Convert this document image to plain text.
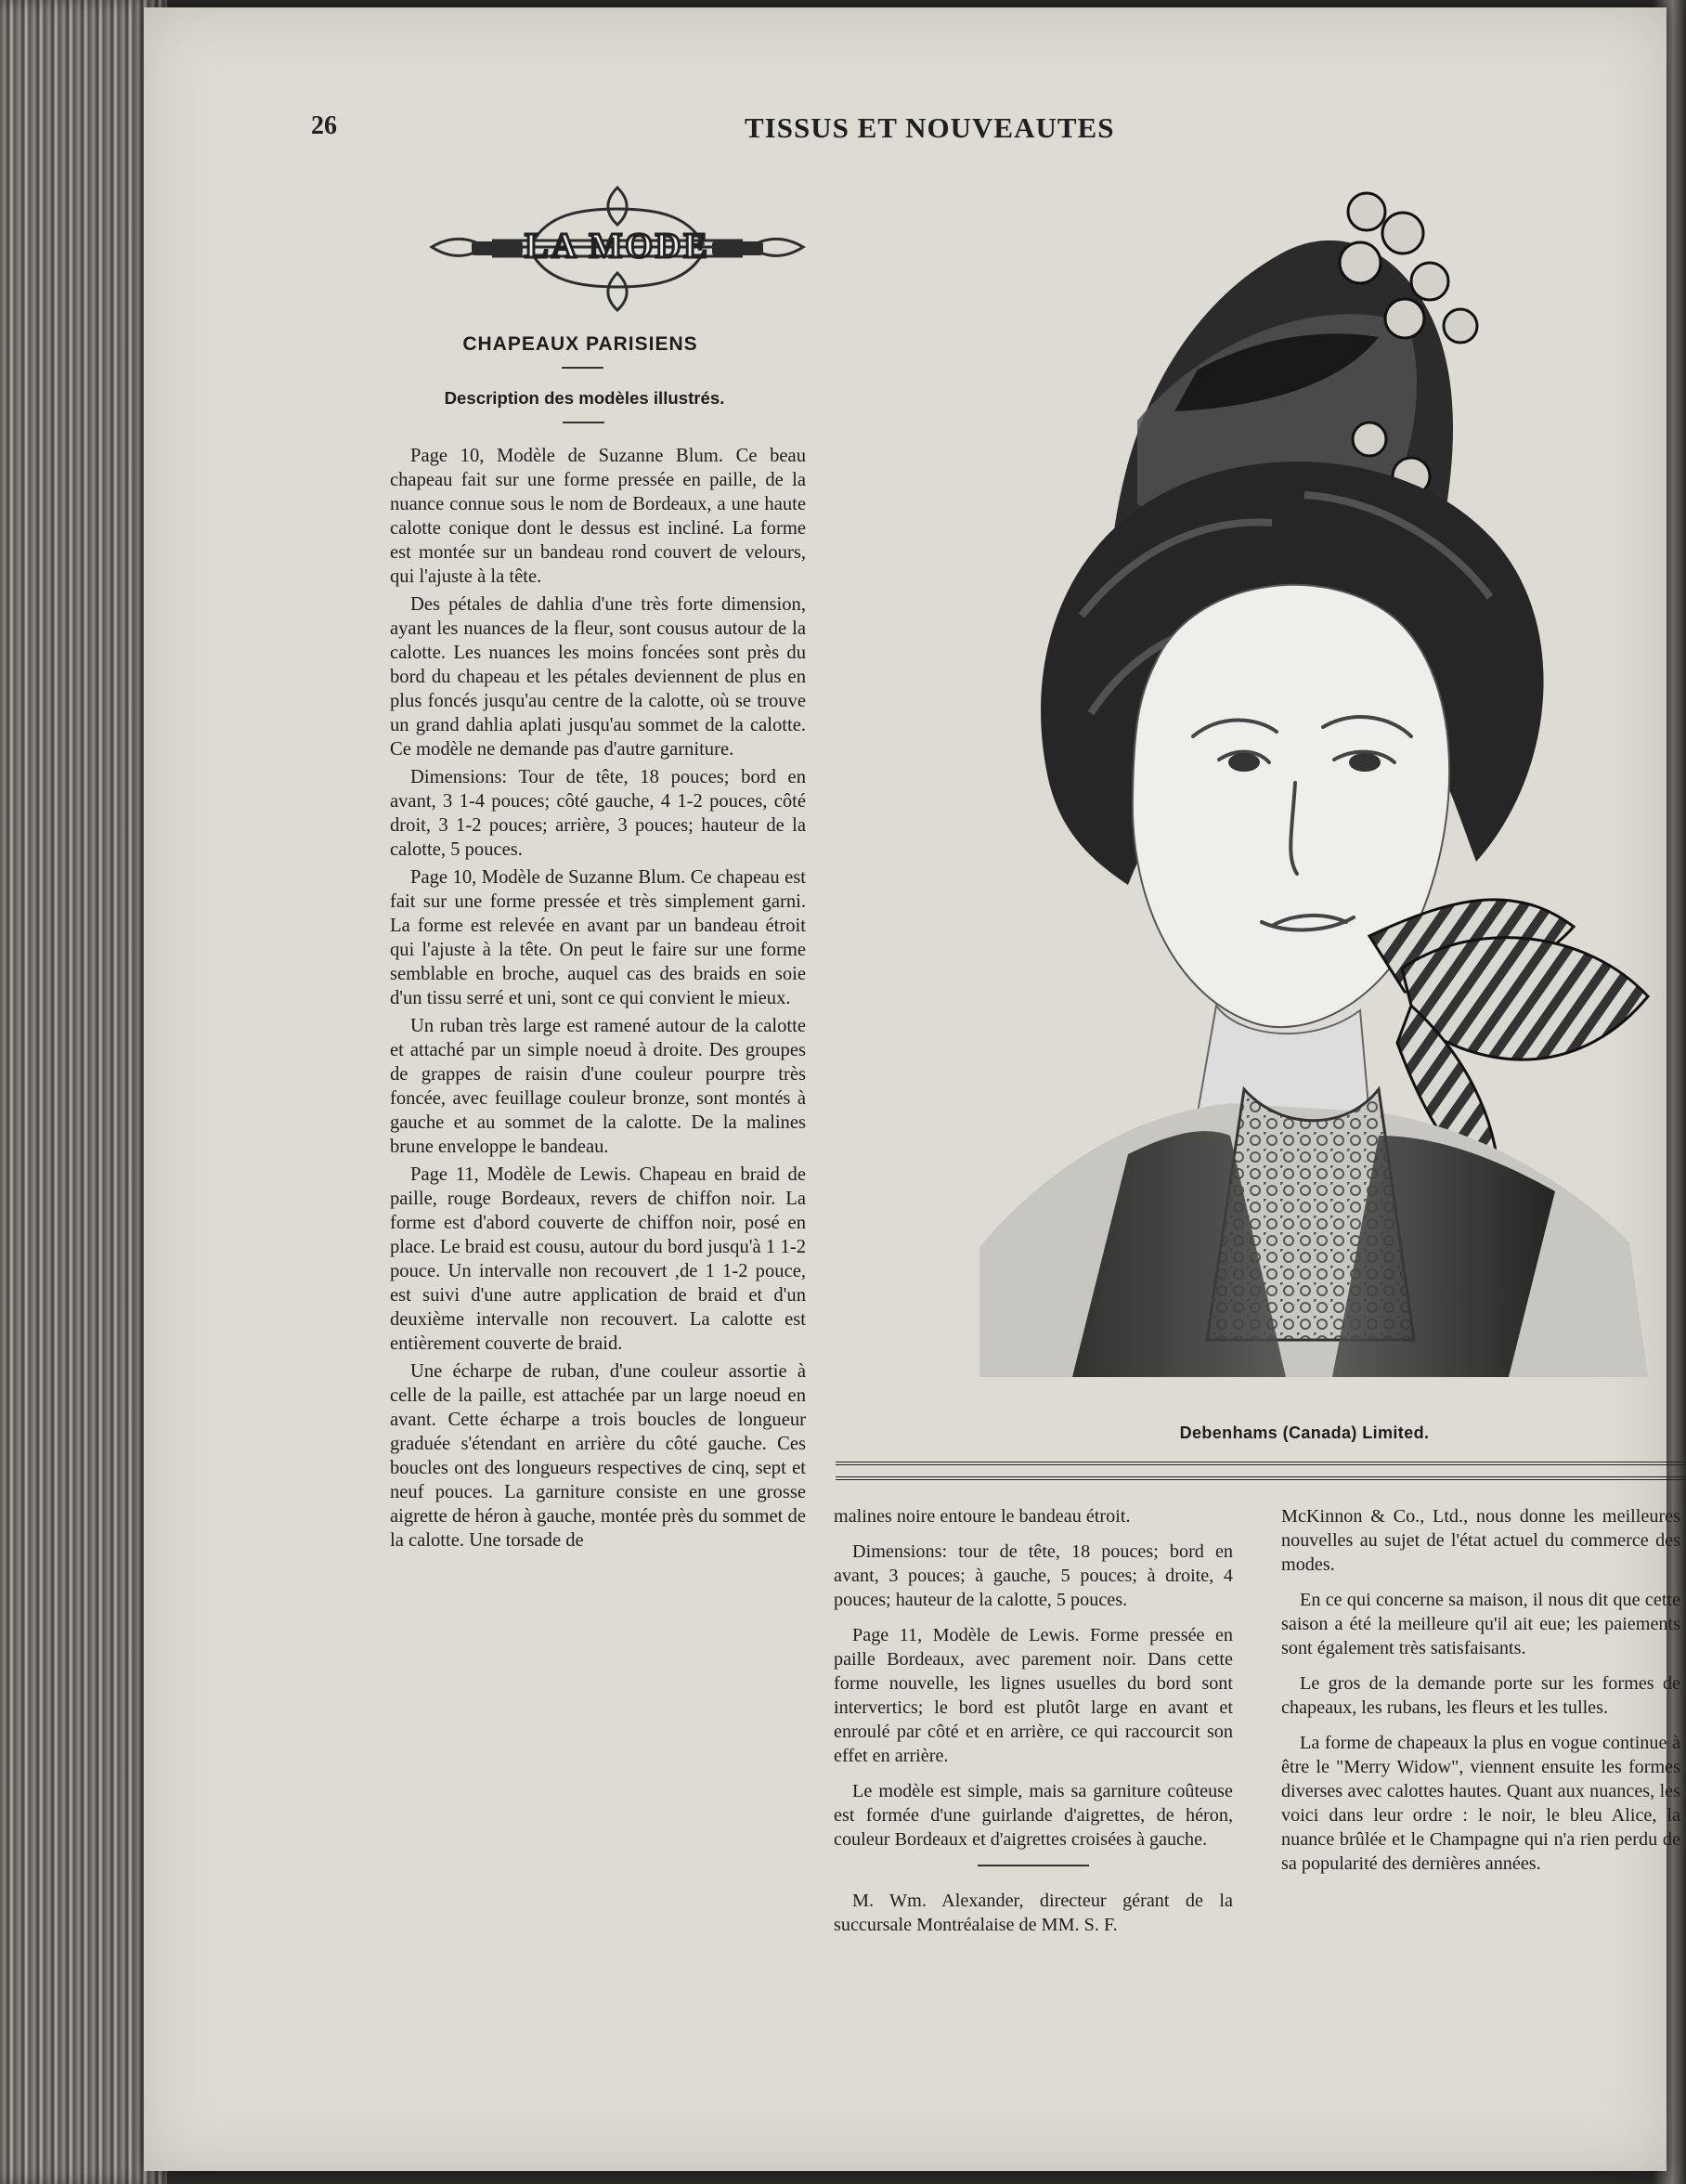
26	TISSUS ET NOUVEAUTES
LA MODE
CHAPEAUX PARISIENS
Description des modèles illustrés.

Page 10, Modèle de Suzanne Blum. Ce beau chapeau fait sur une forme pressée en paille, de la nuance connue sous le nom de Bordeaux, a une haute calotte conique dont le dessus est incliné. La forme est montée sur un bandeau rond couvert de velours, qui l'ajuste à la tête.

Des pétales de dahlia d'une très forte dimension, ayant les nuances de la fleur, sont cousus autour de la calotte. Les nuances les moins foncées sont près du bord du chapeau et les pétales deviennent de plus en plus foncés jusqu'au centre de la calotte, où se trouve un grand dahlia aplati jusqu'au sommet de la calotte. Ce modèle ne demande pas d'autre garniture.

Dimensions: Tour de tête, 18 pouces; bord en avant, 3 1-4 pouces; côté gauche, 4 1-2 pouces, côté droit, 3 1-2 pouces; arrière, 3 pouces; hauteur de la calotte, 5 pouces.

Page 10, Modèle de Suzanne Blum. Ce chapeau est fait sur une forme pressée et très simplement garni. La forme est relevée en avant par un bandeau étroit qui l'ajuste à la tête. On peut le faire sur une forme semblable en broche, auquel cas des braids en soie d'un tissu serré et uni, sont ce qui convient le mieux.

Un ruban très large est ramené autour de la calotte et attaché par un simple noeud à droite. Des groupes de grappes de raisin d'une couleur pourpre très foncée, avec feuillage couleur bronze, sont montés à gauche et au sommet de la calotte. De la malines brune enveloppe le bandeau.

Page 11, Modèle de Lewis. Chapeau en braid de paille, rouge Bordeaux, revers de chiffon noir. La forme est d'abord couverte de chiffon noir, posé en place. Le braid est cousu, autour du bord jusqu'à 1 1-2 pouce. Un intervalle non recouvert ,de 1 1-2 pouce, est suivi d'une autre application de braid et d'un deuxième intervalle non recouvert. La calotte est entièrement couverte de braid.

Une écharpe de ruban, d'une couleur assortie à celle de la paille, est attachée par un large noeud en avant. Cette écharpe a trois boucles de longueur graduée s'étendant en arrière du côté gauche. Ces boucles ont des longueurs respectives de cinq, sept et neuf pouces. La garniture consiste en une grosse aigrette de héron à gauche, montée près du sommet de la calotte. Une torsade de

Debenhams (Canada) Limited.

malines noire entoure le bandeau étroit.

Dimensions: tour de tête, 18 pouces; bord en avant, 3 pouces; à gauche, 5 pouces; à droite, 4 pouces; hauteur de la calotte, 5 pouces.

Page 11, Modèle de Lewis. Forme pressée en paille Bordeaux, avec parement noir. Dans cette forme nouvelle, les lignes usuelles du bord sont intervertics; le bord est plutôt large en avant et enroulé par côté et en arrière, ce qui raccourcit son effet en arrière.

Le modèle est simple, mais sa garniture coûteuse est formée d'une guirlande d'aigrettes, de héron, couleur Bordeaux et d'aigrettes croisées à gauche.

M. Wm. Alexander, directeur gérant de la succursale Montréalaise de MM. S. F.

McKinnon & Co., Ltd., nous donne les meilleures nouvelles au sujet de l'état actuel du commerce des modes.

En ce qui concerne sa maison, il nous dit que cette saison a été la meilleure qu'il ait eue; les paiements sont également très satisfaisants.

Le gros de la demande porte sur les formes de chapeaux, les rubans, les fleurs et les tulles.

La forme de chapeaux la plus en vogue continue à être le "Merry Widow", viennent ensuite les formes diverses avec calottes hautes. Quant aux nuances, les voici dans leur ordre : le noir, le bleu Alice, la nuance brûlée et le Champagne qui n'a rien perdu de sa popularité des dernières années.
